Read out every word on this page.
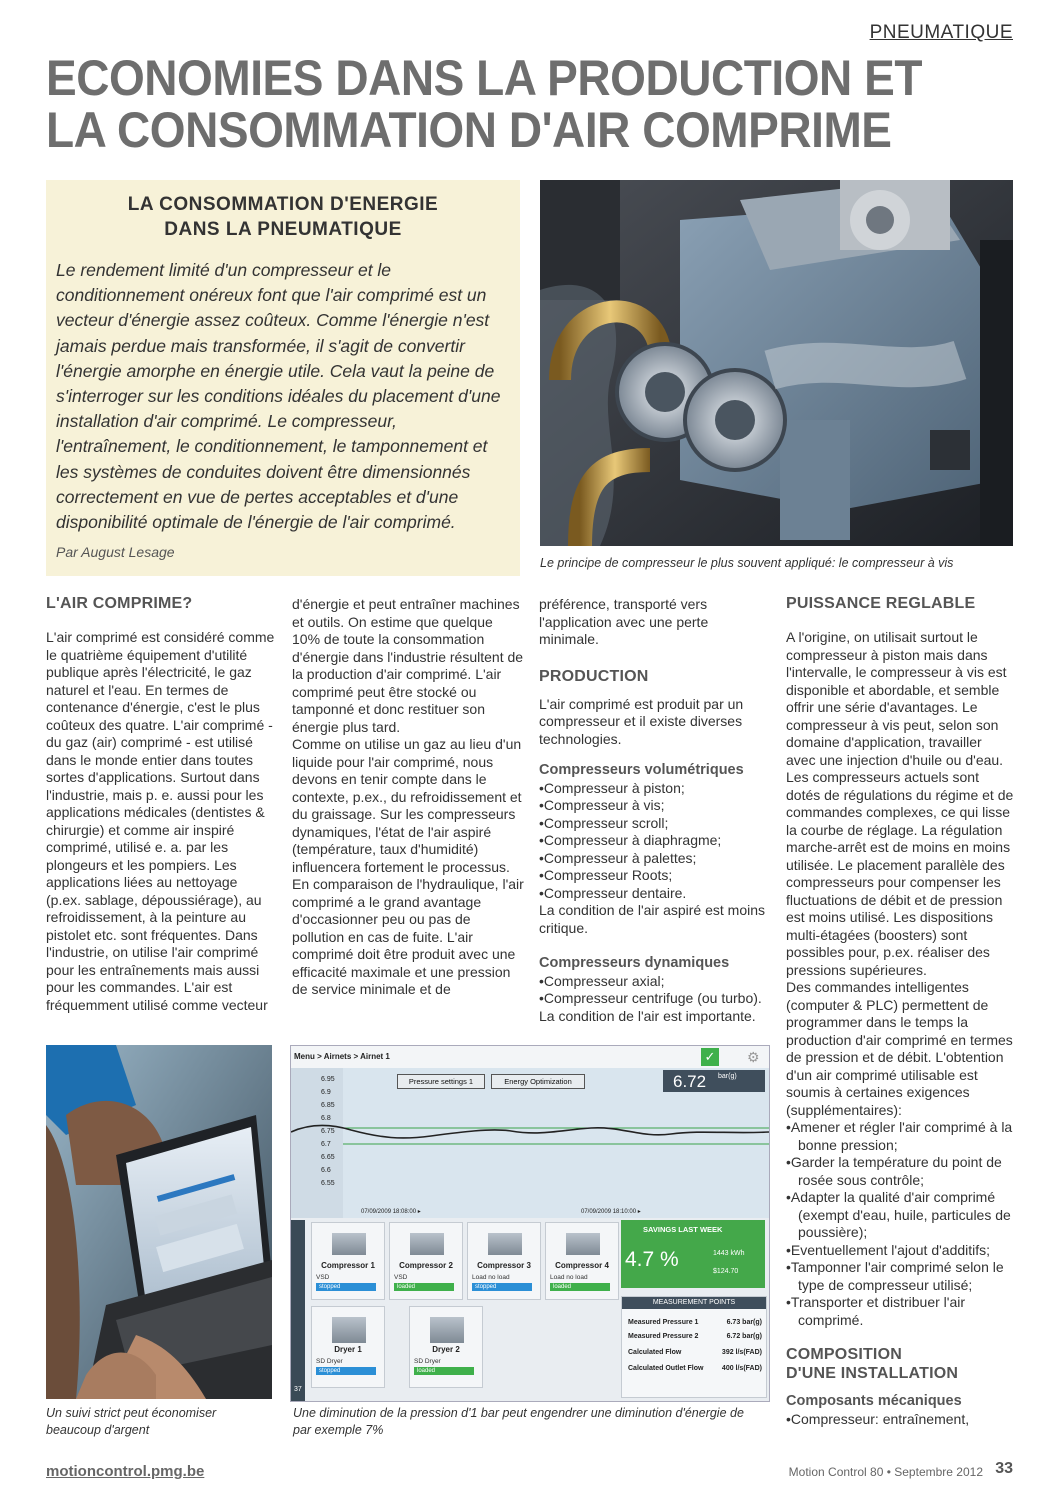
PNEUMATIQUE
ECONOMIES DANS LA PRODUCTION ET
LA CONSOMMATION D'AIR COMPRIME
LA CONSOMMATION D'ENERGIE
DANS LA PNEUMATIQUE
Le rendement limité d'un compresseur et le conditionnement onéreux font que l'air comprimé est un vecteur d'énergie assez coûteux. Comme l'énergie n'est jamais perdue mais transformée, il s'agit de convertir l'énergie amorphe en énergie utile. Cela vaut la peine de s'interroger sur les conditions idéales du placement d'une installation d'air comprimé. Le compresseur, l'entraînement, le conditionnement, le tamponnement et les systèmes de conduites doivent être dimensionnés correctement en vue de pertes acceptables et d'une disponibilité optimale de l'énergie de l'air comprimé.
Par August Lesage
Le principe de compresseur le plus souvent appliqué: le compresseur à vis
L'AIR COMPRIME?

L'air comprimé est considéré comme le quatrième équipement d'utilité publique après l'électricité, le gaz naturel et l'eau. En termes de contenance d'énergie, c'est le plus coûteux des quatre. L'air comprimé - du gaz (air) comprimé - est utilisé dans le monde entier dans toutes sortes d'applications. Surtout dans l'industrie, mais p. e. aussi pour les applications médicales (dentistes & chirurgie) et comme air inspiré comprimé, utilisé e. a. par les plongeurs et les pompiers. Les applications liées au nettoyage (p.ex. sablage, dépoussiérage), au refroidissement, à la peinture au pistolet etc. sont fréquentes. Dans l'industrie, on utilise l'air comprimé pour les entraînements mais aussi pour les commandes. L'air est fréquemment utilisé comme vecteur

d'énergie et peut entraîner machines et outils. On estime que quelque 10% de toute la consommation d'énergie dans l'industrie résultent de la production d'air comprimé. L'air comprimé peut être stocké ou tamponné et donc restituer son énergie plus tard.

Comme on utilise un gaz au lieu d'un liquide pour l'air comprimé, nous devons en tenir compte dans le contexte, p.ex., du refroidissement et du graissage. Sur les compresseurs dynamiques, l'état de l'air aspiré (température, taux d'humidité) influencera fortement le processus.

En comparaison de l'hydraulique, l'air comprimé a le grand avantage d'occasionner peu ou pas de pollution en cas de fuite. L'air comprimé doit être produit avec une efficacité maximale et une pression de service minimale et de

préférence, transporté vers l'application avec une perte minimale.

PRODUCTION

L'air comprimé est produit par un compresseur et il existe diverses technologies.

Compresseurs volumétriques
•Compresseur à piston;
•Compresseur à vis;
•Compresseur scroll;
•Compresseur à diaphragme;
•Compresseur à palettes;
•Compresseur Roots;
•Compresseur dentaire.

La condition de l'air aspiré est moins critique.

Compresseurs dynamiques
•Compresseur axial;
•Compresseur centrifuge (ou turbo).

La condition de l'air est importante.

PUISSANCE REGLABLE

A l'origine, on utilisait surtout le compresseur à piston mais dans l'intervalle, le compresseur à vis est disponible et abordable, et semble offrir une série d'avantages. Le compresseur à vis peut, selon son domaine d'application, travailler avec une injection d'huile ou d'eau. Les compresseurs actuels sont dotés de régulations du régime et de commandes complexes, ce qui lisse la courbe de réglage. La régulation marche-arrêt est de moins en moins utilisée. Le placement parallèle des compresseurs pour compenser les fluctuations de débit et de pression est moins utilisé. Les dispositions multi-étagées (boosters) sont possibles pour, p.ex. réaliser des pressions supérieures.

Des commandes intelligentes (computer & PLC) permettent de programmer dans le temps la production d'air comprimé en termes de pression et de débit. L'obtention d'un air comprimé utilisable est soumis à certaines exigences (supplémentaires):

•Amener et régler l'air comprimé à la bonne pression;
•Garder la température du point de rosée sous contrôle;
•Adapter la qualité d'air comprimé (exempt d'eau, huile, particules de poussière);
•Eventuellement l'ajout d'additifs;
•Tamponner l'air comprimé selon le type de compresseur utilisé;
•Transporter et distribuer l'air comprimé.
COMPOSITION
D'UNE INSTALLATION
Composants mécaniques
•Compresseur: entraînement,
Un suivi strict peut économiser beaucoup d'argent
Menu > Airnets > Airnet 1	✓ ⚙
6.95
6.9
6.85
6.8
6.75
6.7
6.65
6.6
6.55
Pressure settings 1	Energy Optimization	6.72 bar(g)
07/09/2009 18:08:00 ▸	07/09/2009 18:10:00 ▸
37
Compressor 1
VSD
stopped
Compressor 2
VSD
loaded
Compressor 3
Load no load
stopped
Compressor 4
Load no load
loaded
Dryer 1
SD Dryer
stopped
Dryer 2
SD Dryer
loaded
SAVINGS LAST WEEK
4.7 %	1443 kWh
$124.70
MEASUREMENT POINTS
Measured Pressure 1	6.73 bar(g)
Measured Pressure 2	6.72 bar(g)
Calculated Flow	392 l/s(FAD)
Calculated Outlet Flow	400 l/s(FAD)
Une diminution de la pression d'1 bar peut engendrer une diminution d'énergie de par exemple 7%
motioncontrol.pmg.be	Motion Control 80 • Septembre 2012 33
